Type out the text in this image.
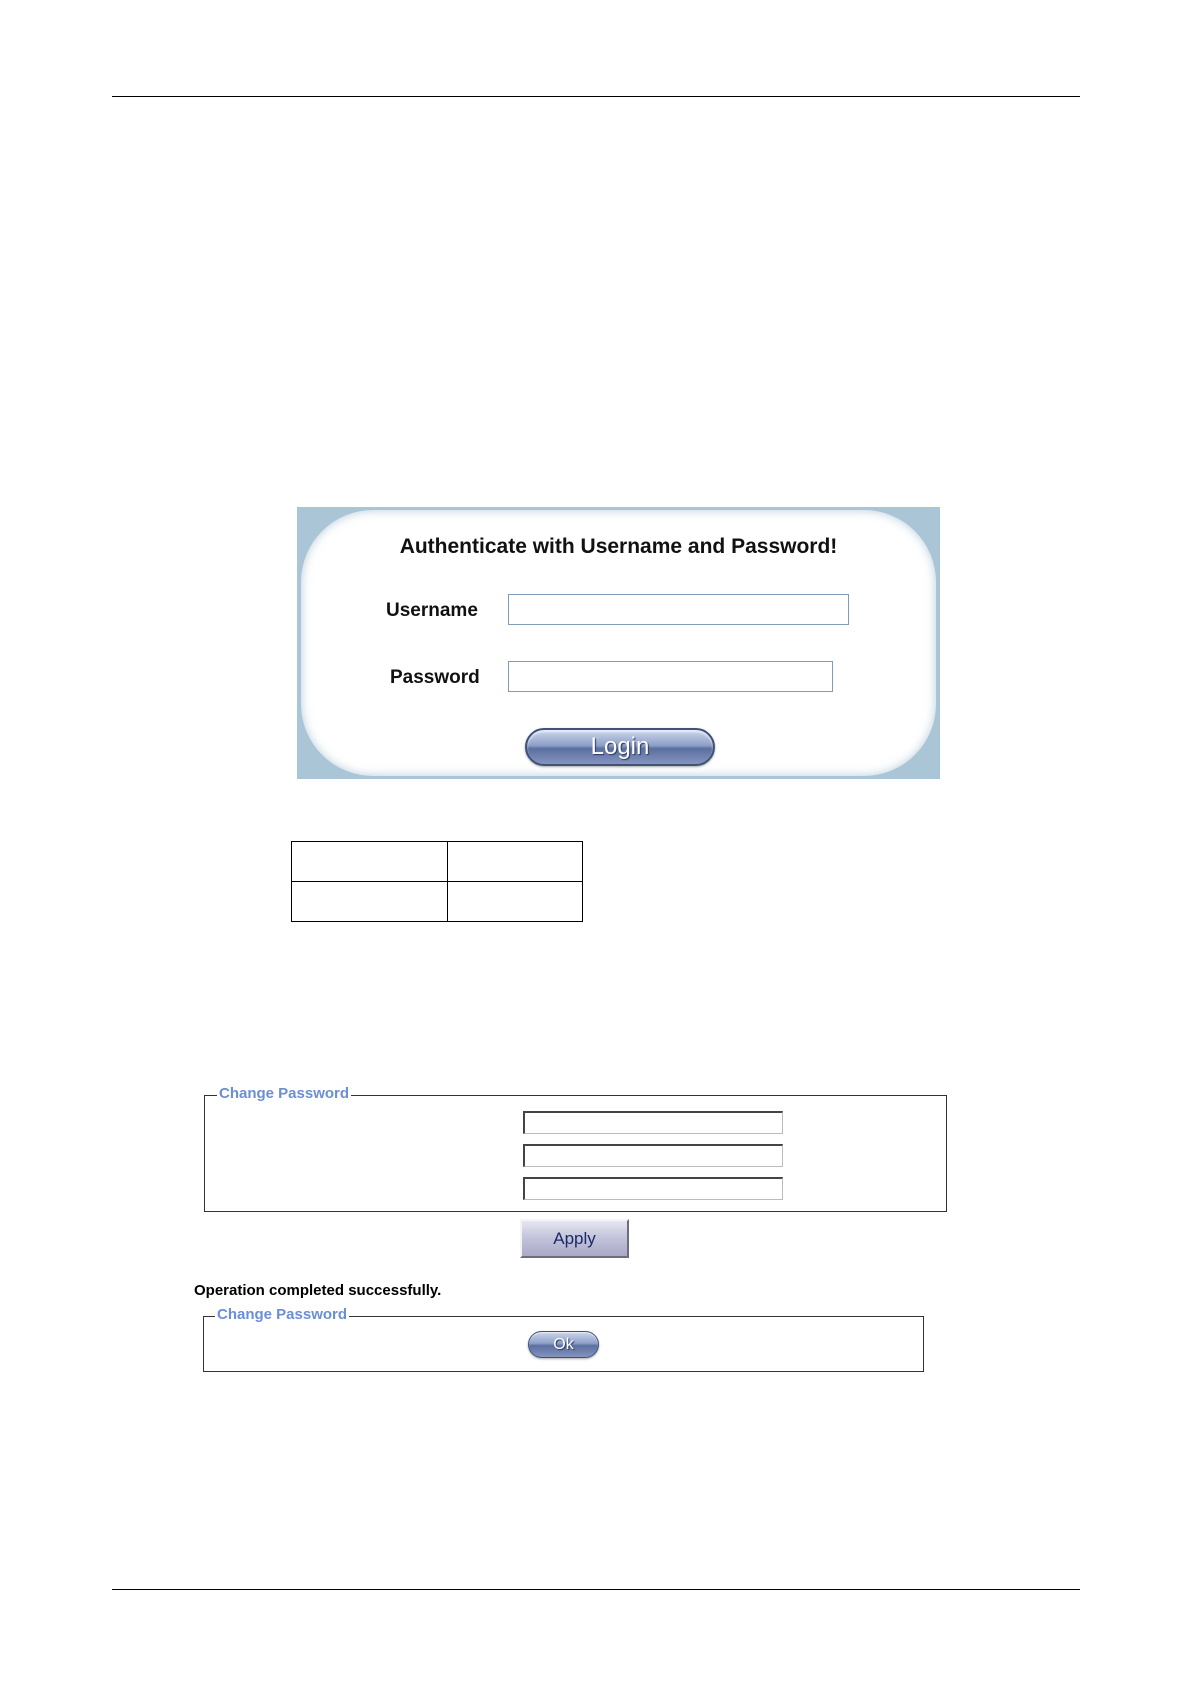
Authenticate with Username and Password!
Username
Password
Login

Change Password
Apply
Operation completed successfully.
Change Password
Ok
